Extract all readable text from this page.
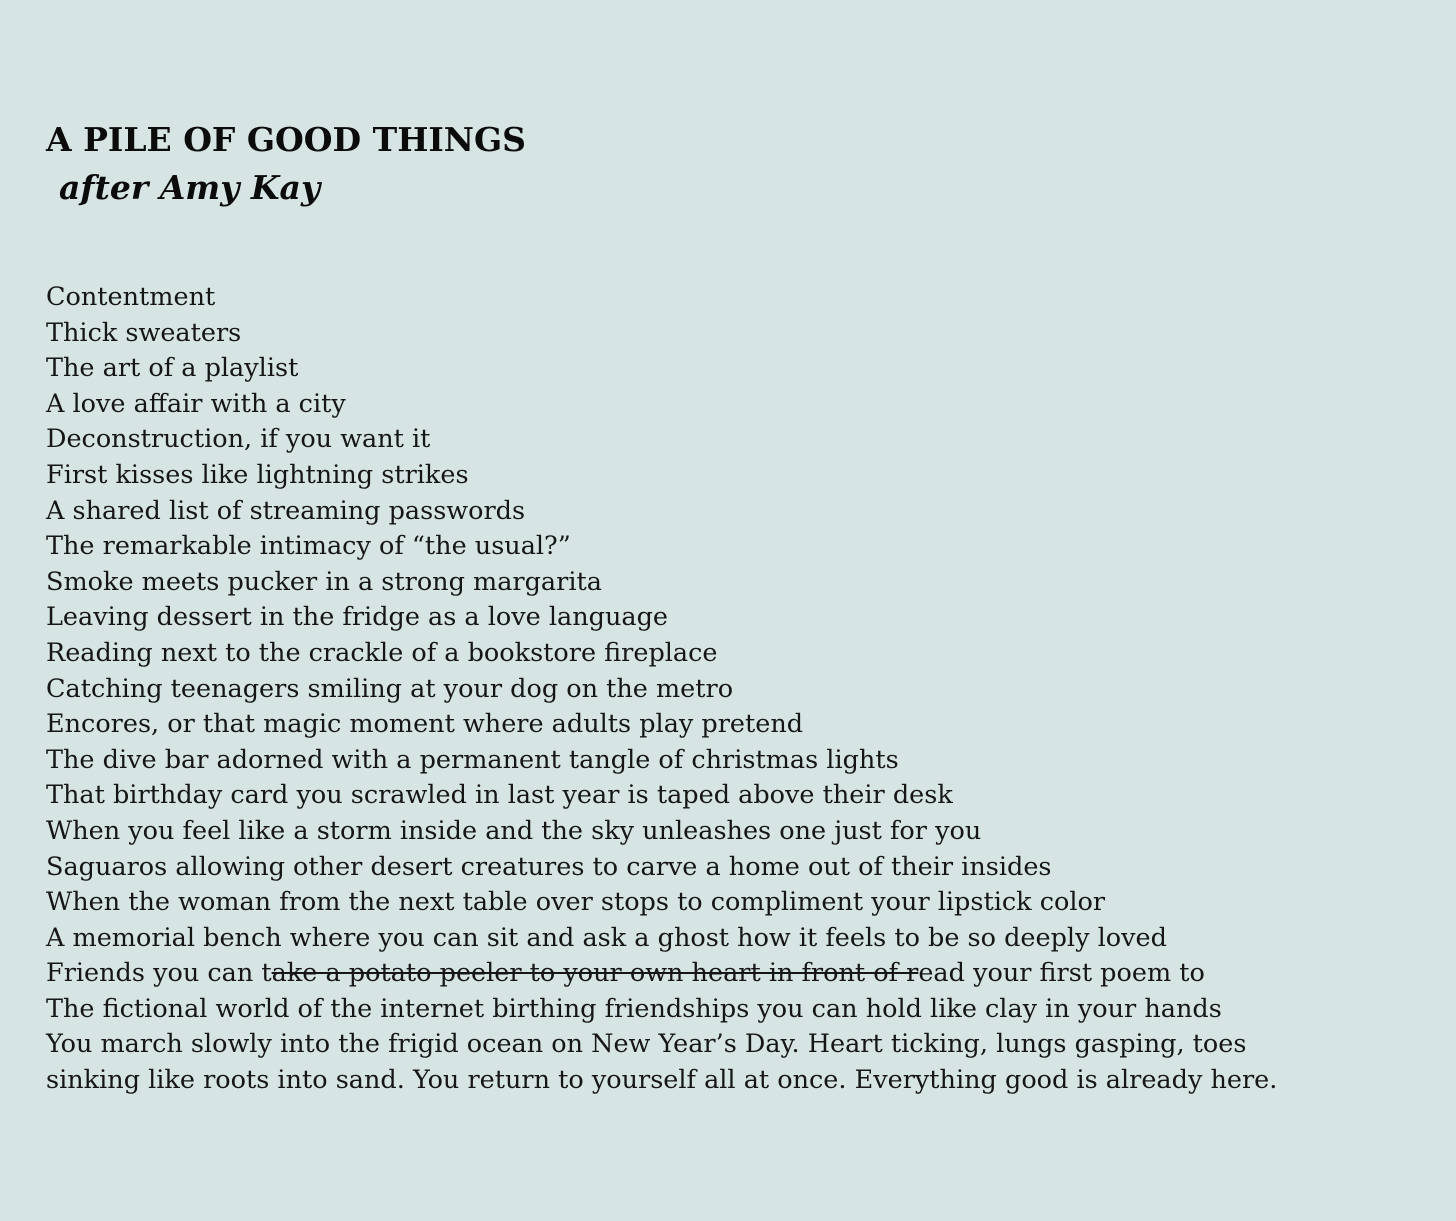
A PILE OF GOOD THINGS
after Amy Kay
Contentment
Thick sweaters
The art of a playlist
A love affair with a city
Deconstruction, if you want it
First kisses like lightning strikes
A shared list of streaming passwords
The remarkable intimacy of “the usual?”
Smoke meets pucker in a strong margarita
Leaving dessert in the fridge as a love language
Reading next to the crackle of a bookstore fireplace
Catching teenagers smiling at your dog on the metro
Encores, or that magic moment where adults play pretend
The dive bar adorned with a permanent tangle of christmas lights
That birthday card you scrawled in last year is taped above their desk
When you feel like a storm inside and the sky unleashes one just for you
Saguaros allowing other desert creatures to carve a home out of their insides
When the woman from the next table over stops to compliment your lipstick color
A memorial bench where you can sit and ask a ghost how it feels to be so deeply loved
Friends you can take a potato peeler to your own heart in front of read your first poem to
The fictional world of the internet birthing friendships you can hold like clay in your hands
You march slowly into the frigid ocean on New Year’s Day. Heart ticking, lungs gasping, toes
sinking like roots into sand. You return to yourself all at once. Everything good is already here.
